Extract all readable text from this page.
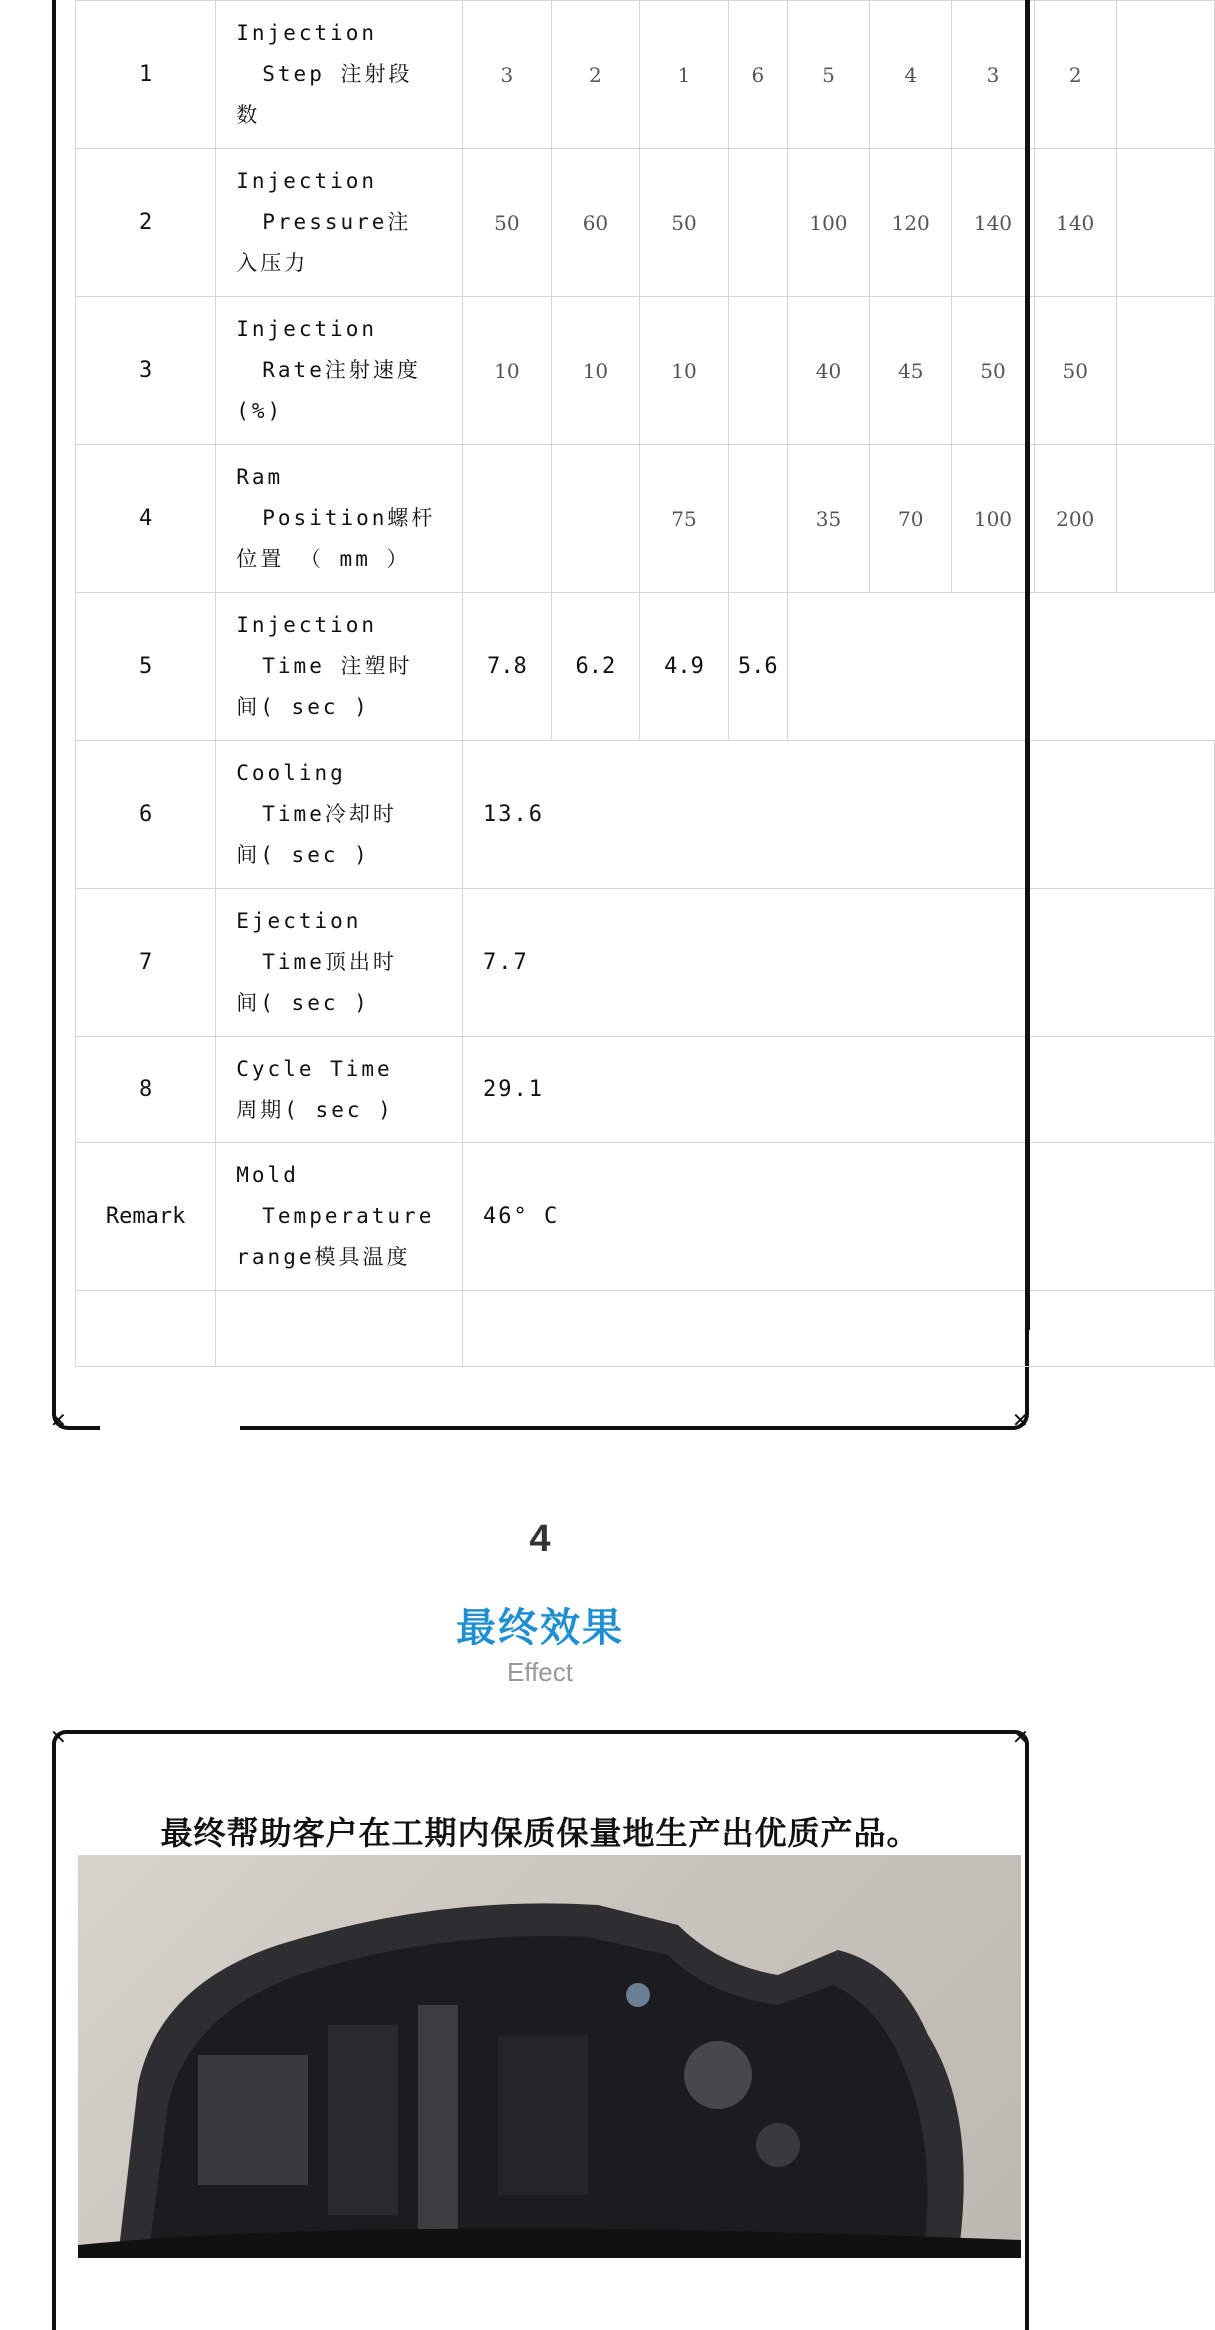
✕	✕
1	Injection
Step 注射段
数	3	2	1	6	5	4	3	2	
2	Injection
Pressure注
入压力	50	60	50		100	120	140	140	
3	Injection
Rate注射速度
(%)	10	10	10		40	45	50	50	
4	Ram
Position螺杆
位置 （ mm ）			75		35	70	100	200	
5	Injection
Time 注塑时
间( sec )	7.8	6.2	4.9	5.6					
6	Cooling
Time冷却时
间( sec )	13.6								
7	Ejection
Time顶出时
间( sec )	7.7								
8	Cycle Time
周期( sec )	29.1								
Remark	Mold
Temperature
range模具温度	46° C								

4
最终效果
Effect
✕	✕
最终帮助客户在工期内保质保量地生产出优质产品。
